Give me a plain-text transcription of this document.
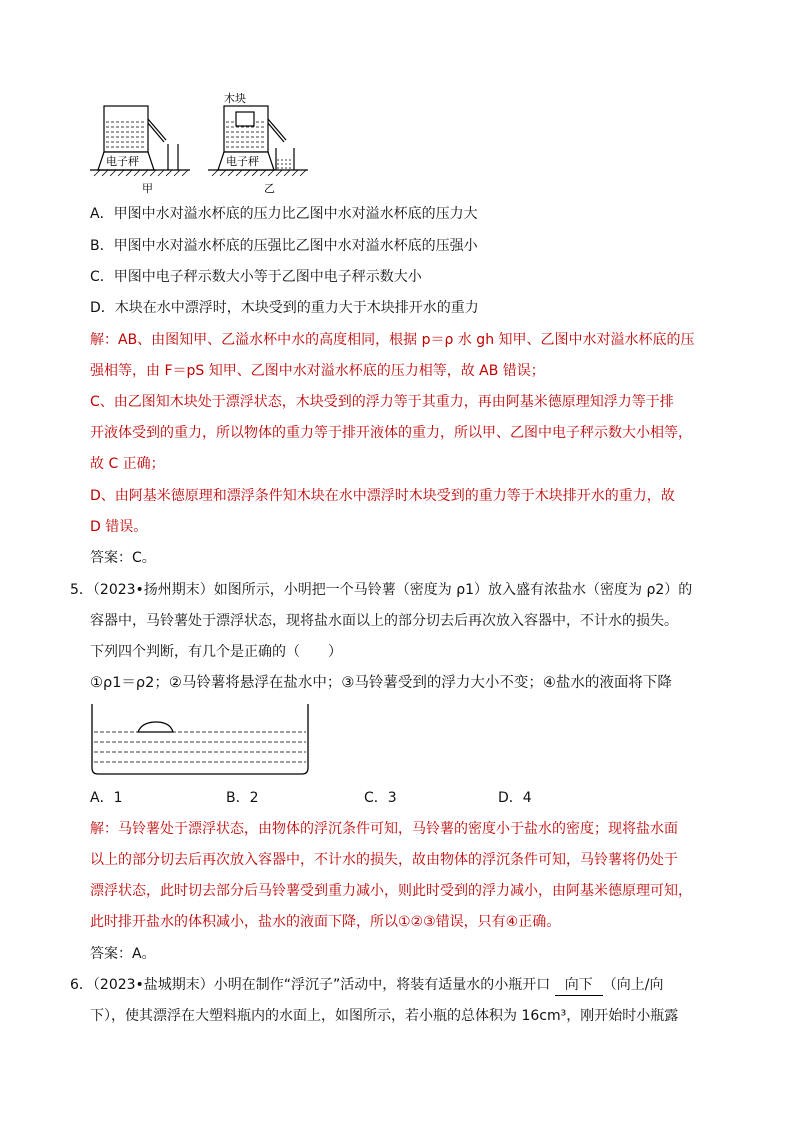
电子秤
甲
木块
电子秤
乙
A．甲图中水对溢水杯底的压力比乙图中水对溢水杯底的压力大
B．甲图中水对溢水杯底的压强比乙图中水对溢水杯底的压强小
C．甲图中电子秤示数大小等于乙图中电子秤示数大小
D．木块在水中漂浮时，木块受到的重力大于木块排开水的重力
解：AB、由图知甲、乙溢水杯中水的高度相同，根据 p＝ρ 水 gh 知甲、乙图中水对溢水杯底的压
强相等，由 F＝pS 知甲、乙图中水对溢水杯底的压力相等，故 AB 错误；
C、由乙图知木块处于漂浮状态，木块受到的浮力等于其重力，再由阿基米德原理知浮力等于排
开液体受到的重力，所以物体的重力等于排开液体的重力，所以甲、乙图中电子秤示数大小相等，
故 C 正确；
D、由阿基米德原理和漂浮条件知木块在水中漂浮时木块受到的重力等于木块排开水的重力，故
D 错误。
答案：C。
5．（2023•扬州期末）如图所示，小明把一个马铃薯（密度为 ρ1）放入盛有浓盐水（密度为 ρ2）的
容器中，马铃薯处于漂浮状态，现将盐水面以上的部分切去后再次放入容器中，不计水的损失。
下列四个判断，有几个是正确的（　　）
①ρ1＝ρ2；②马铃薯将悬浮在盐水中；③马铃薯受到的浮力大小不变；④盐水的液面将下降
A．1	B．2	C．3	D．4
解：马铃薯处于漂浮状态，由物体的浮沉条件可知，马铃薯的密度小于盐水的密度；现将盐水面
以上的部分切去后再次放入容器中，不计水的损失，故由物体的浮沉条件可知，马铃薯将仍处于
漂浮状态，此时切去部分后马铃薯受到重力减小，则此时受到的浮力减小，由阿基米德原理可知，
此时排开盐水的体积减小，盐水的液面下降，所以①②③错误，只有④正确。
答案：A。
6．（2023•盐城期末）小明在制作“浮沉子”活动中，将装有适量水的小瓶开口 向下 （向上/向
下），使其漂浮在大塑料瓶内的水面上，如图所示，若小瓶的总体积为 16cm³，刚开始时小瓶露
